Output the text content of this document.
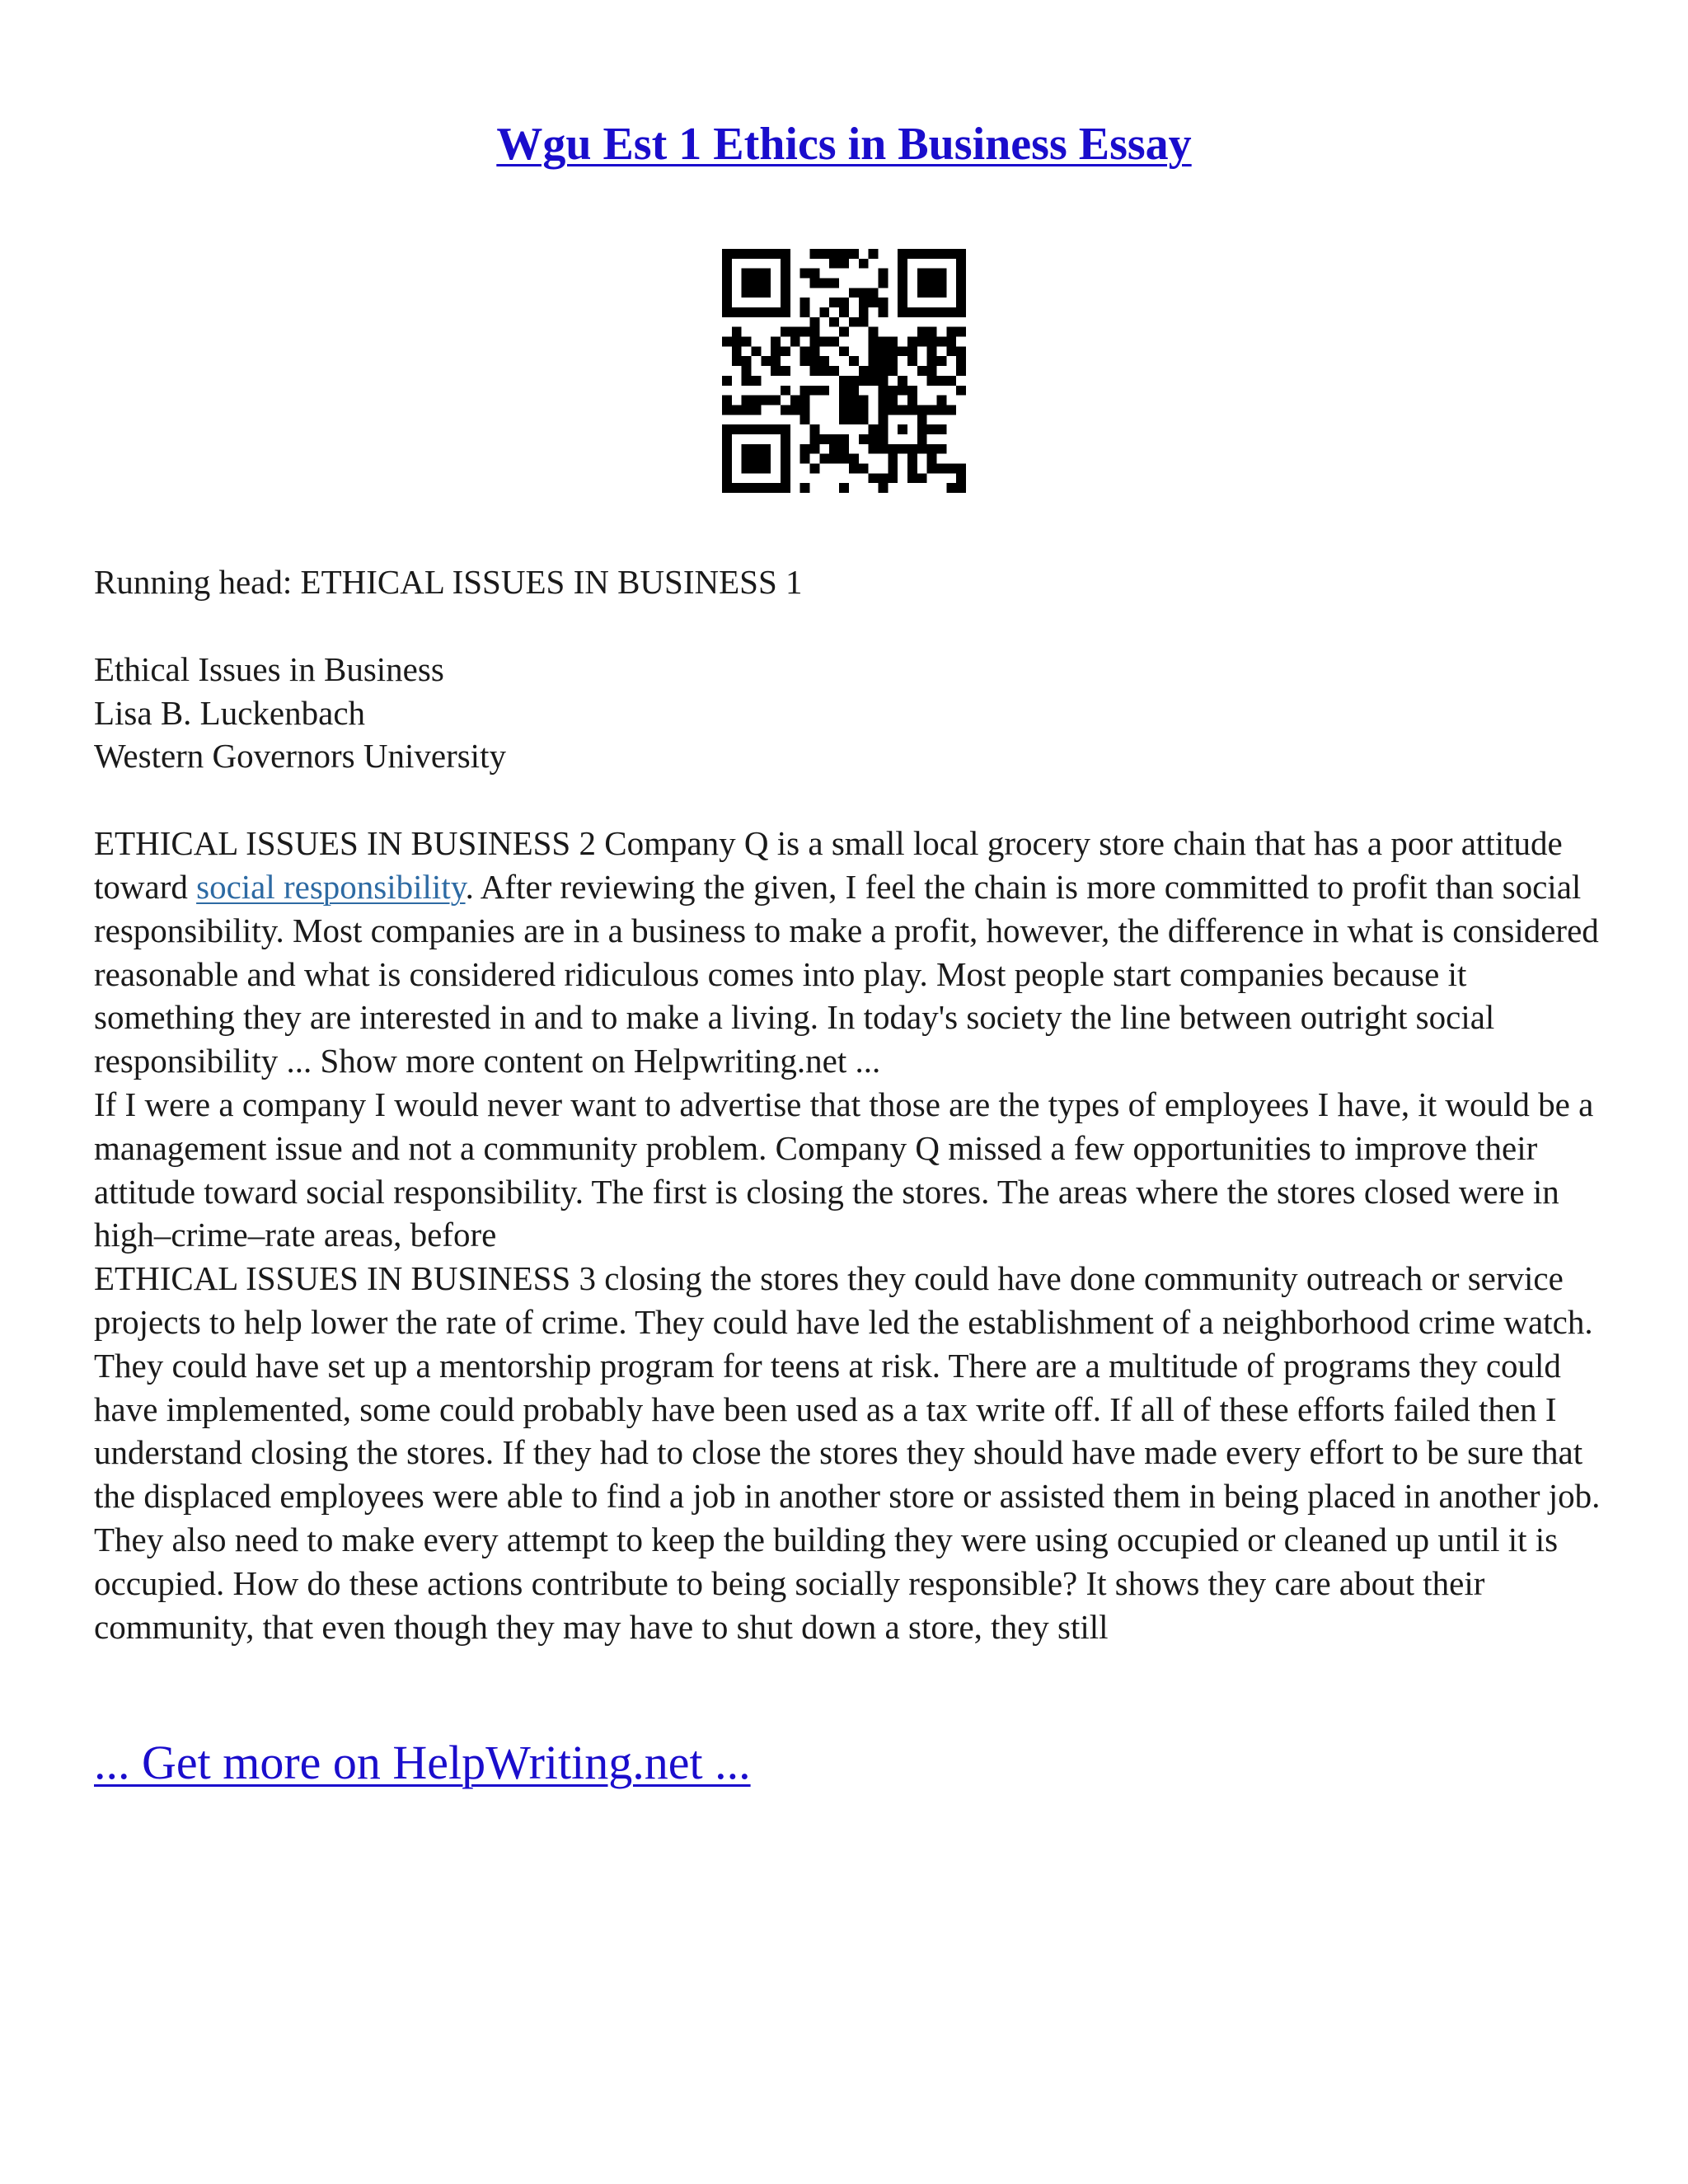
Wgu Est 1 Ethics in Business Essay

Running head: ETHICAL ISSUES IN BUSINESS 1

Ethical Issues in Business

Lisa B. Luckenbach

Western Governors University

ETHICAL ISSUES IN BUSINESS 2 Company Q is a small local grocery store chain that has a poor attitude toward social responsibility. After reviewing the given, I feel the chain is more committed to profit than social responsibility. Most companies are in a business to make a profit, however, the difference in what is considered reasonable and what is considered ridiculous comes into play. Most people start companies because it something they are interested in and to make a living. In today's society the line between outright social responsibility ... Show more content on Helpwriting.net ...

If I were a company I would never want to advertise that those are the types of employees I have, it would be a management issue and not a community problem. Company Q missed a few opportunities to improve their attitude toward social responsibility. The first is closing the stores. The areas where the stores closed were in high–crime–rate areas, before

ETHICAL ISSUES IN BUSINESS 3 closing the stores they could have done community outreach or service projects to help lower the rate of crime. They could have led the establishment of a neighborhood crime watch. They could have set up a mentorship program for teens at risk. There are a multitude of programs they could have implemented, some could probably have been used as a tax write off. If all of these efforts failed then I understand closing the stores. If they had to close the stores they should have made every effort to be sure that the displaced employees were able to find a job in another store or assisted them in being placed in another job. They also need to make every attempt to keep the building they were using occupied or cleaned up until it is occupied. How do these actions contribute to being socially responsible? It shows they care about their community, that even though they may have to shut down a store, they still

... Get more on HelpWriting.net ...
